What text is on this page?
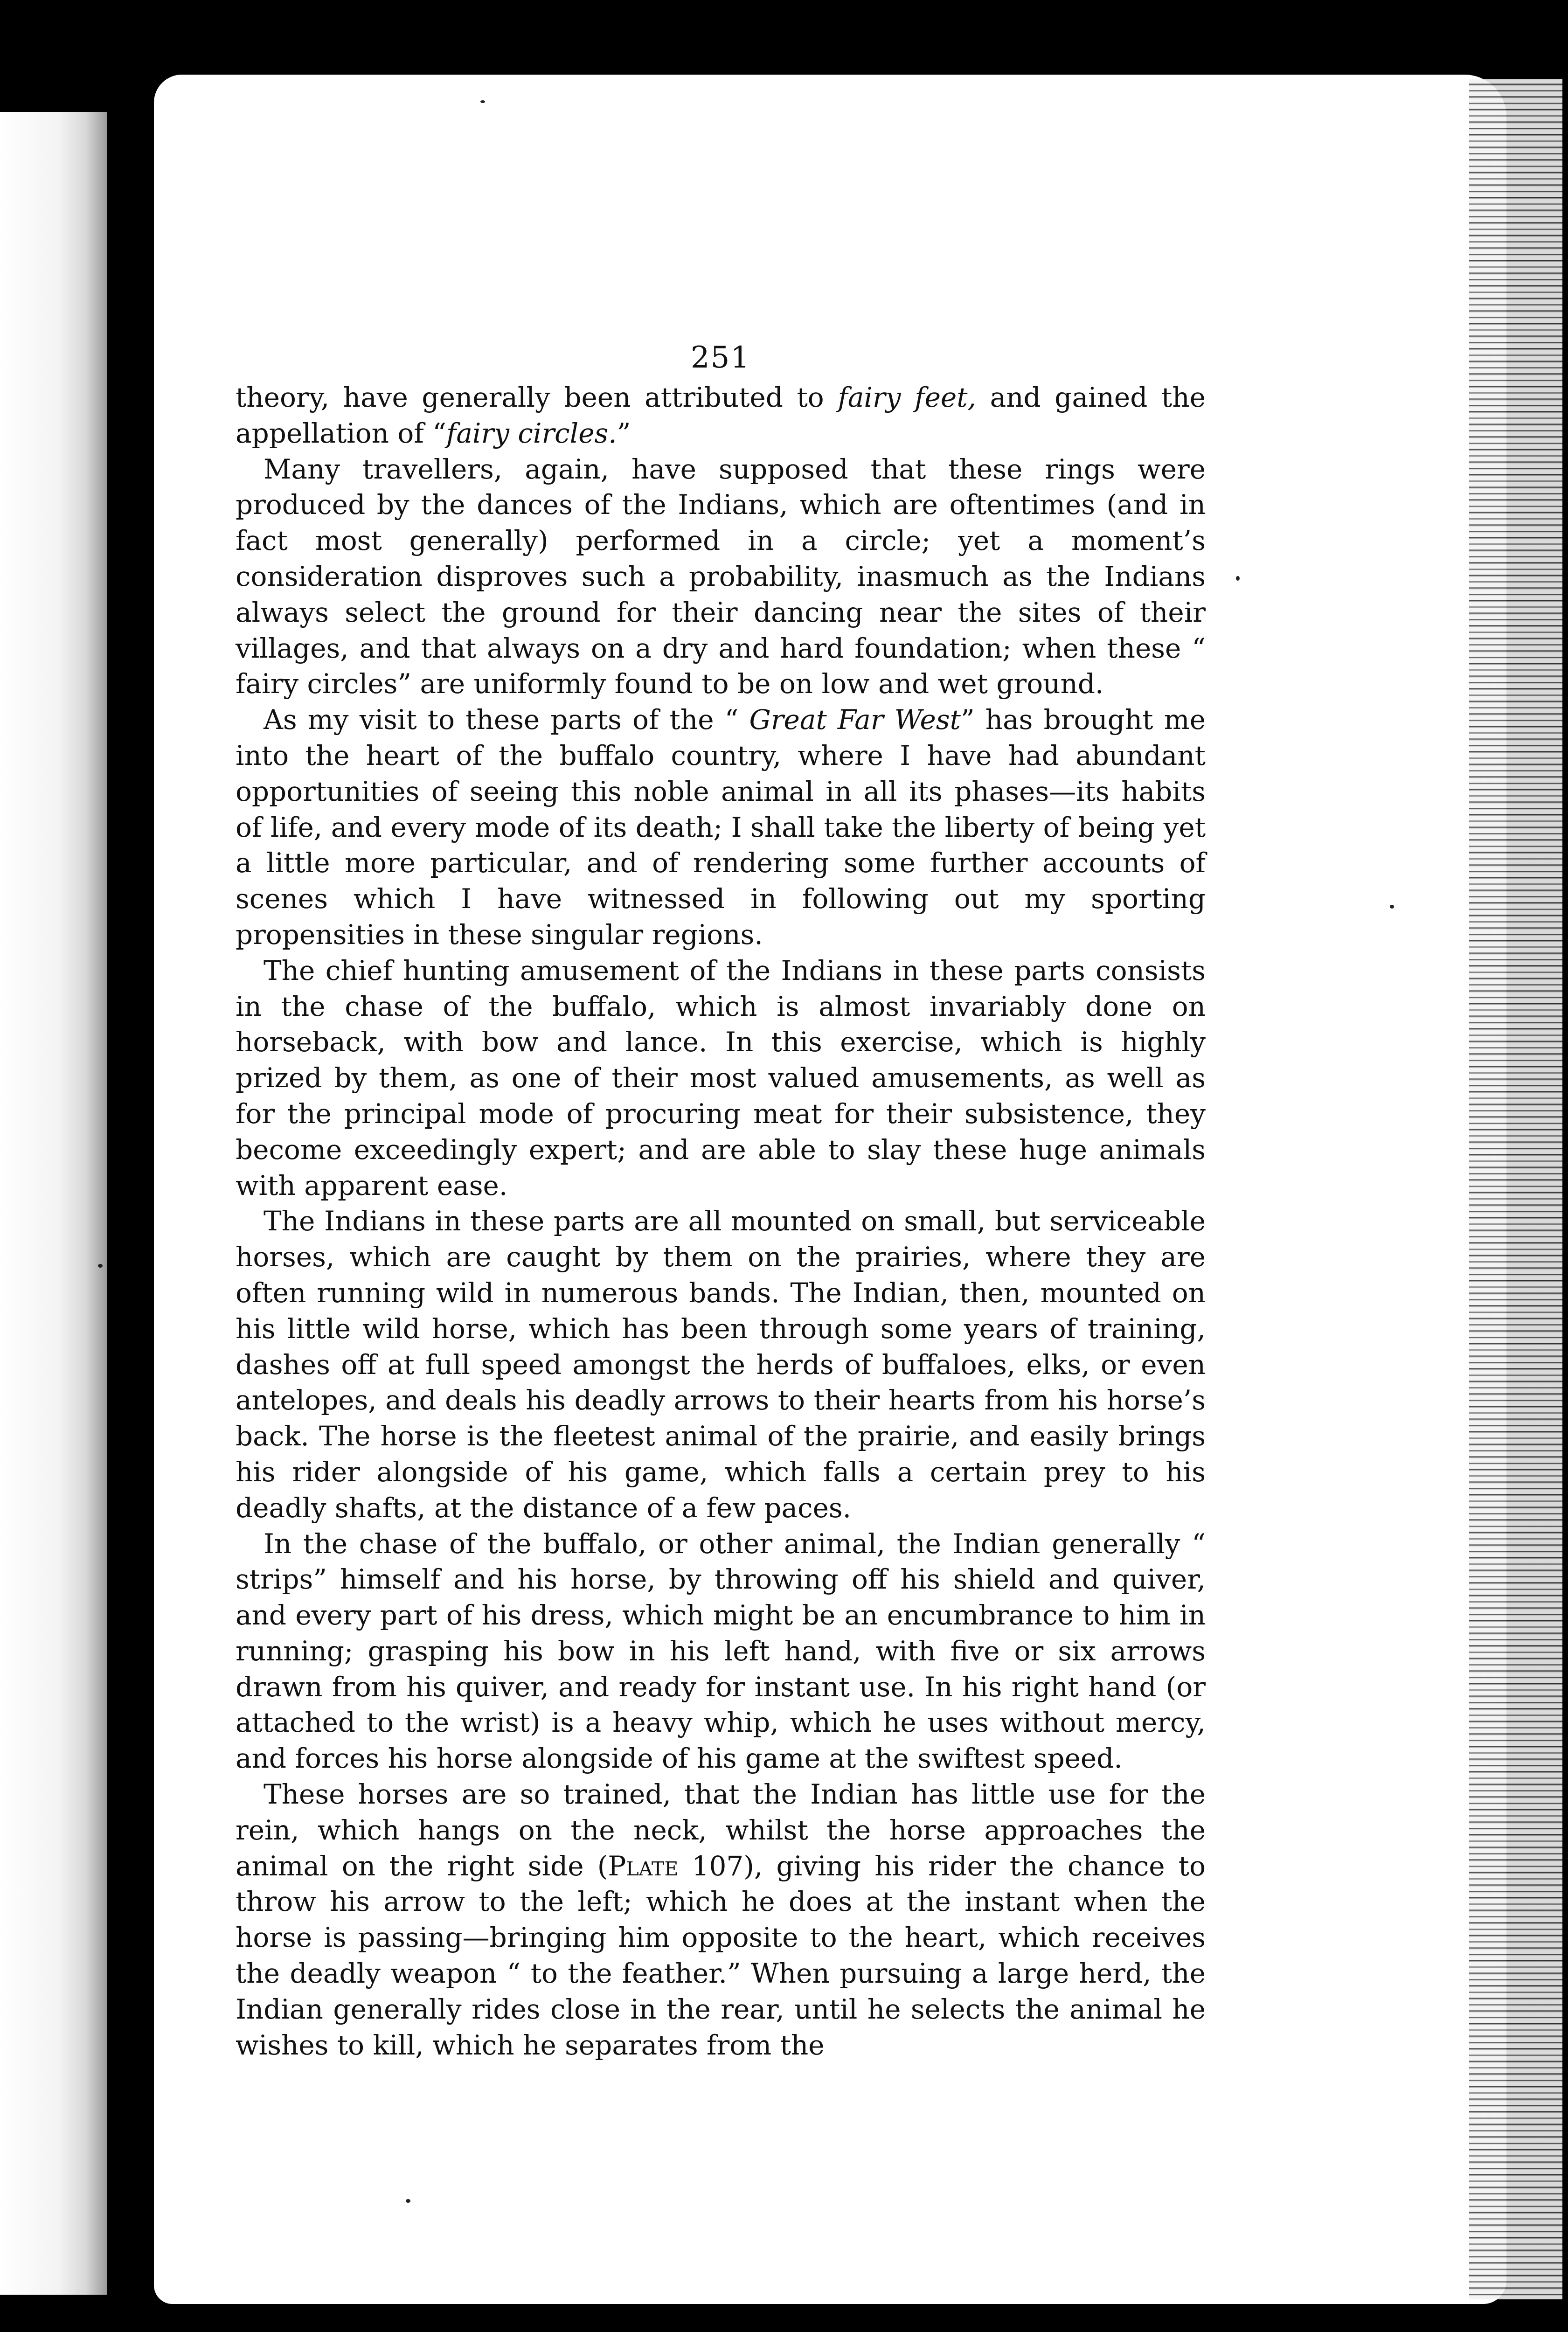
251

theory, have generally been attributed to fairy feet, and gained the appellation of “fairy circles.”

Many travellers, again, have supposed that these rings were produced by the dances of the Indians, which are oftentimes (and in fact most generally) performed in a circle; yet a moment’s consideration disproves such a probability, inasmuch as the Indians always select the ground for their dancing near the sites of their villages, and that always on a dry and hard foundation; when these “ fairy circles” are uniformly found to be on low and wet ground.

As my visit to these parts of the “ Great Far West” has brought me into the heart of the buffalo country, where I have had abundant opportunities of seeing this noble animal in all its phases—its habits of life, and every mode of its death; I shall take the liberty of being yet a little more particular, and of rendering some further accounts of scenes which I have witnessed in following out my sporting propensities in these singular regions.

The chief hunting amusement of the Indians in these parts consists in the chase of the buffalo, which is almost invariably done on horseback, with bow and lance. In this exercise, which is highly prized by them, as one of their most valued amusements, as well as for the principal mode of procuring meat for their subsistence, they become exceedingly expert; and are able to slay these huge animals with apparent ease.

The Indians in these parts are all mounted on small, but serviceable horses, which are caught by them on the prairies, where they are often running wild in numerous bands. The Indian, then, mounted on his little wild horse, which has been through some years of training, dashes off at full speed amongst the herds of buffaloes, elks, or even antelopes, and deals his deadly arrows to their hearts from his horse’s back. The horse is the fleetest animal of the prairie, and easily brings his rider alongside of his game, which falls a certain prey to his deadly shafts, at the distance of a few paces.

In the chase of the buffalo, or other animal, the Indian generally “ strips” himself and his horse, by throwing off his shield and quiver, and every part of his dress, which might be an encumbrance to him in running; grasping his bow in his left hand, with five or six arrows drawn from his quiver, and ready for instant use. In his right hand (or attached to the wrist) is a heavy whip, which he uses without mercy, and forces his horse alongside of his game at the swiftest speed.

These horses are so trained, that the Indian has little use for the rein, which hangs on the neck, whilst the horse approaches the animal on the right side (Plate 107), giving his rider the chance to throw his arrow to the left; which he does at the instant when the horse is passing—bringing him opposite to the heart, which receives the deadly weapon “ to the feather.” When pursuing a large herd, the Indian generally rides close in the rear, until he selects the animal he wishes to kill, which he separates from the
